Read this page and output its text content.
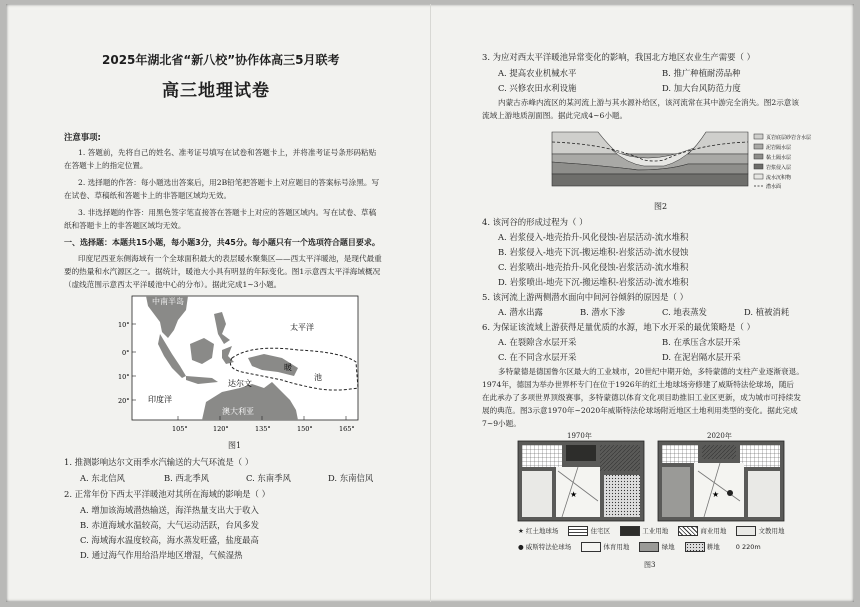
2025年湖北省“新八校”协作体高三5月联考
高三地理试卷
注意事项:
1. 答题前，先将自己的姓名、准考证号填写在试卷和答题卡上，并将准考证号条形码粘贴
在答题卡上的指定位置。
2. 选择题的作答：每小题选出答案后，用2B铅笔把答题卡上对应题目的答案标号涂黑。写
在试卷、草稿纸和答题卡上的非答题区域均无效。
3. 非选择题的作答：用黑色签字笔直接答在答题卡上对应的答题区域内。写在试卷、草稿
纸和答题卡上的非答题区域均无效。
一、选择题：本题共15小题，每小题3分，共45分。每小题只有一个选项符合题目要求。
印度尼西亚东侧海域有一个全球面积最大的表层暖水聚集区——西太平洋暖池，是现代最重
要的热量和水汽源区之一。据统计，暖池大小具有明显的年际变化。图1示意西太平洋海域概况
（虚线范围示意西太平洋暖池中心的分布）。据此完成1~3小题。
中南半岛
太平洋
暖
池
达尔文
印度洋
澳大利亚
10°
0°
10°
20°
105°	120°	135°	150°	165°
图1
1. 推测影响达尔文雨季水汽输送的大气环流是（ ）
A. 东北信风	B. 西北季风	C. 东南季风	D. 东南信风
2. 正常年份下西太平洋暖池对其所在海域的影响是（ ）
A. 增加该海域潜热输送，海洋热量支出大于收入
B. 赤道海域水温较高，大气运动活跃，台风多发
C. 海域海水温度较高，海水蒸发旺盛，盐度最高
D. 通过海气作用给沿岸地区增湿，气候湿热
3. 为应对西太平洋暖池异常变化的影响，我国北方地区农业生产需要（ ）
A. 提高农业机械水平	B. 推广种植耐涝品种
C. 兴修农田水利设施	D. 加大台风防范力度
内蒙古赤峰内流区的某河流上游与其水源补给区，该河流常在其中游完全消失。图2示意该
流域上游地质剖面图。据此完成4~6小题。
页岩底层砂岩含水层
泥岩隔水层
黏土隔水层
岩浆侵入层
流水沉积物
潜水面
图2
4. 该河谷的形成过程为（ ）
A. 岩浆侵入-地壳抬升-风化侵蚀-岩层活动-流水堆积
B. 岩浆侵入-地壳下沉-搬运堆积-岩浆活动-流水侵蚀
C. 岩浆喷出-地壳抬升-风化侵蚀-岩浆活动-流水堆积
D. 岩浆喷出-地壳下沉-搬运堆积-岩浆活动-流水堆积
5. 该河流上游两侧潜水面向中间河谷倾斜的原因是（ ）
A. 潜水出露	B. 潜水下渗	C. 地表蒸发	D. 植被消耗
6. 为保证该流域上游获得足量优质的水源，地下水开采的最优策略是（ ）
A. 在裂隙含水层开采	B. 在承压含水层开采
C. 在不同含水层开采	D. 在泥岩隔水层开采
多特蒙德是德国鲁尔区最大的工业城市，20世纪中期开始，多特蒙德的支柱产业逐渐衰退。
1974年，德国为举办世界杯专门在位于1926年的红土地球场旁修建了威斯特法伦球场，随后
在此承办了多项世界顶级赛事，多特蒙德以体育文化项目助推旧工业区更新，成为城市可持续发
展的典范。图3示意1970年~2020年威斯特法伦球场附近地区土地利用类型的变化。据此完成
7~9小题。
1970年	2020年
★	★
★ 红土地球场	住宅区	工业用地	商业用地	文教用地
● 威斯特法伦球场	体育用地	绿地	耕地 0 220m
图3
